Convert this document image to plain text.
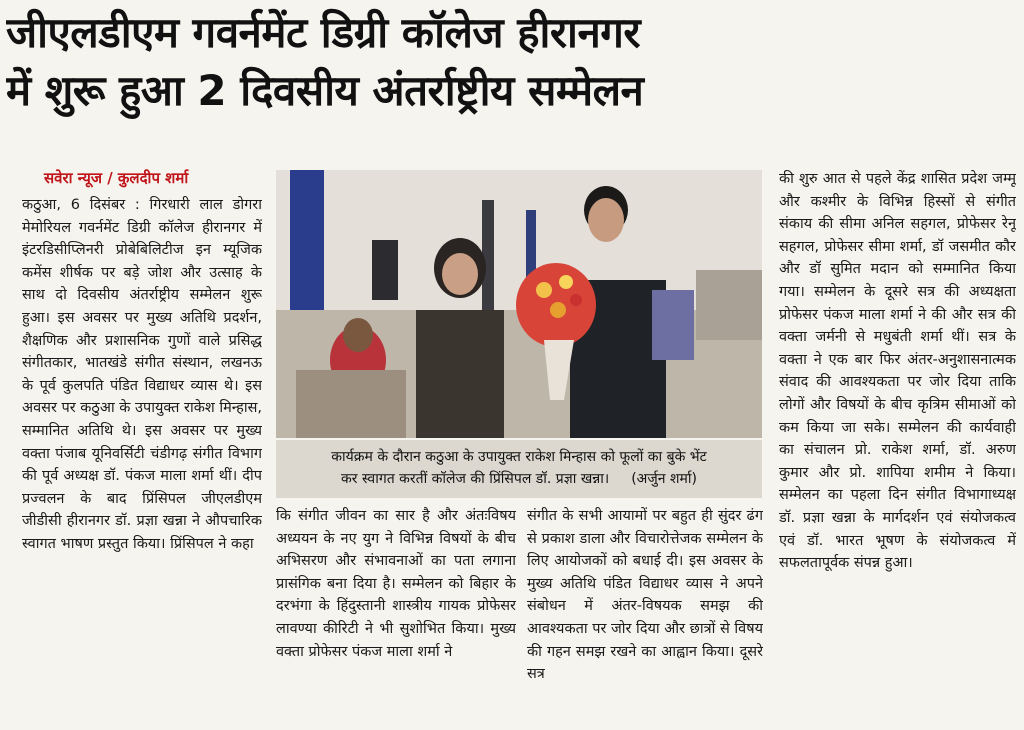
जीएलडीएम गवर्नमेंट डिग्री कॉलेज हीरानगर
में शुरू हुआ 2 दिवसीय अंतर्राष्ट्रीय सम्मेलन
सवेरा न्यूज / कुलदीप शर्मा
कठुआ, 6 दिसंबर : गिरधारी लाल डोगरा मेमोरियल गवर्नमेंट डिग्री कॉलेज हीरानगर में इंटरडिसीप्लिनरी प्रोबेबिलिटीज इन म्यूजिक कमेंस शीर्षक पर बड़े जोश और उत्साह के साथ दो दिवसीय अंतर्राष्ट्रीय सम्मेलन शुरू हुआ। इस अवसर पर मुख्य अतिथि प्रदर्शन, शैक्षणिक और प्रशासनिक गुणों वाले प्रसिद्ध संगीतकार, भातखंडे संगीत संस्थान, लखनऊ के पूर्व कुलपति पंडित विद्याधर व्यास थे। इस अवसर पर कठुआ के उपायुक्त राकेश मिन्हास, सम्मानित अतिथि थे। इस अवसर पर मुख्य वक्ता पंजाब यूनिवर्सिटी चंडीगढ़ संगीत विभाग की पूर्व अध्यक्ष डॉ. पंकज माला शर्मा थीं। दीप प्रज्वलन के बाद प्रिंसिपल जीएलडीएम जीडीसी हीरानगर डॉ. प्रज्ञा खन्ना ने औपचारिक स्वागत भाषण प्रस्तुत किया। प्रिंसिपल ने कहा
कार्यक्रम के दौरान कठुआ के उपायुक्त राकेश मिन्हास को फूलों का बुके भेंट
कर स्वागत करतीं कॉलेज की प्रिंसिपल डॉ. प्रज्ञा खन्ना। (अर्जुन शर्मा)
कि संगीत जीवन का सार है और अंतःविषय अध्ययन के नए युग ने विभिन्न विषयों के बीच अभिसरण और संभावनाओं का पता लगाना प्रासंगिक बना दिया है। सम्मेलन को बिहार के दरभंगा के हिंदुस्तानी शास्त्रीय गायक प्रोफेसर लावण्या कीरिटी ने भी सुशोभित किया। मुख्य वक्ता प्रोफेसर पंकज माला शर्मा ने
संगीत के सभी आयामों पर बहुत ही सुंदर ढंग से प्रकाश डाला और विचारोत्तेजक सम्मेलन के लिए आयोजकों को बधाई दी। इस अवसर के मुख्य अतिथि पंडित विद्याधर व्यास ने अपने संबोधन में अंतर-विषयक समझ की आवश्यकता पर जोर दिया और छात्रों से विषय की गहन समझ रखने का आह्वान किया। दूसरे सत्र
की शुरु आत से पहले केंद्र शासित प्रदेश जम्मू और कश्मीर के विभिन्न हिस्सों से संगीत संकाय की सीमा अनिल सहगल, प्रोफेसर रेनू सहगल, प्रोफेसर सीमा शर्मा, डॉ जसमीत कौर और डॉ सुमित मदान को सम्मानित किया गया। सम्मेलन के दूसरे सत्र की अध्यक्षता प्रोफेसर पंकज माला शर्मा ने की और सत्र की वक्ता जर्मनी से मधुबंती शर्मा थीं। सत्र के वक्ता ने एक बार फिर अंतर-अनुशासनात्मक संवाद की आवश्यकता पर जोर दिया ताकि लोगों और विषयों के बीच कृत्रिम सीमाओं को कम किया जा सके। सम्मेलन की कार्यवाही का संचालन प्रो. राकेश शर्मा, डॉ. अरुण कुमार और प्रो. शापिया शमीम ने किया। सम्मेलन का पहला दिन संगीत विभागाध्यक्ष डॉ. प्रज्ञा खन्ना के मार्गदर्शन एवं संयोजकत्व एवं डॉ. भारत भूषण के संयोजकत्व में सफलतापूर्वक संपन्न हुआ।
